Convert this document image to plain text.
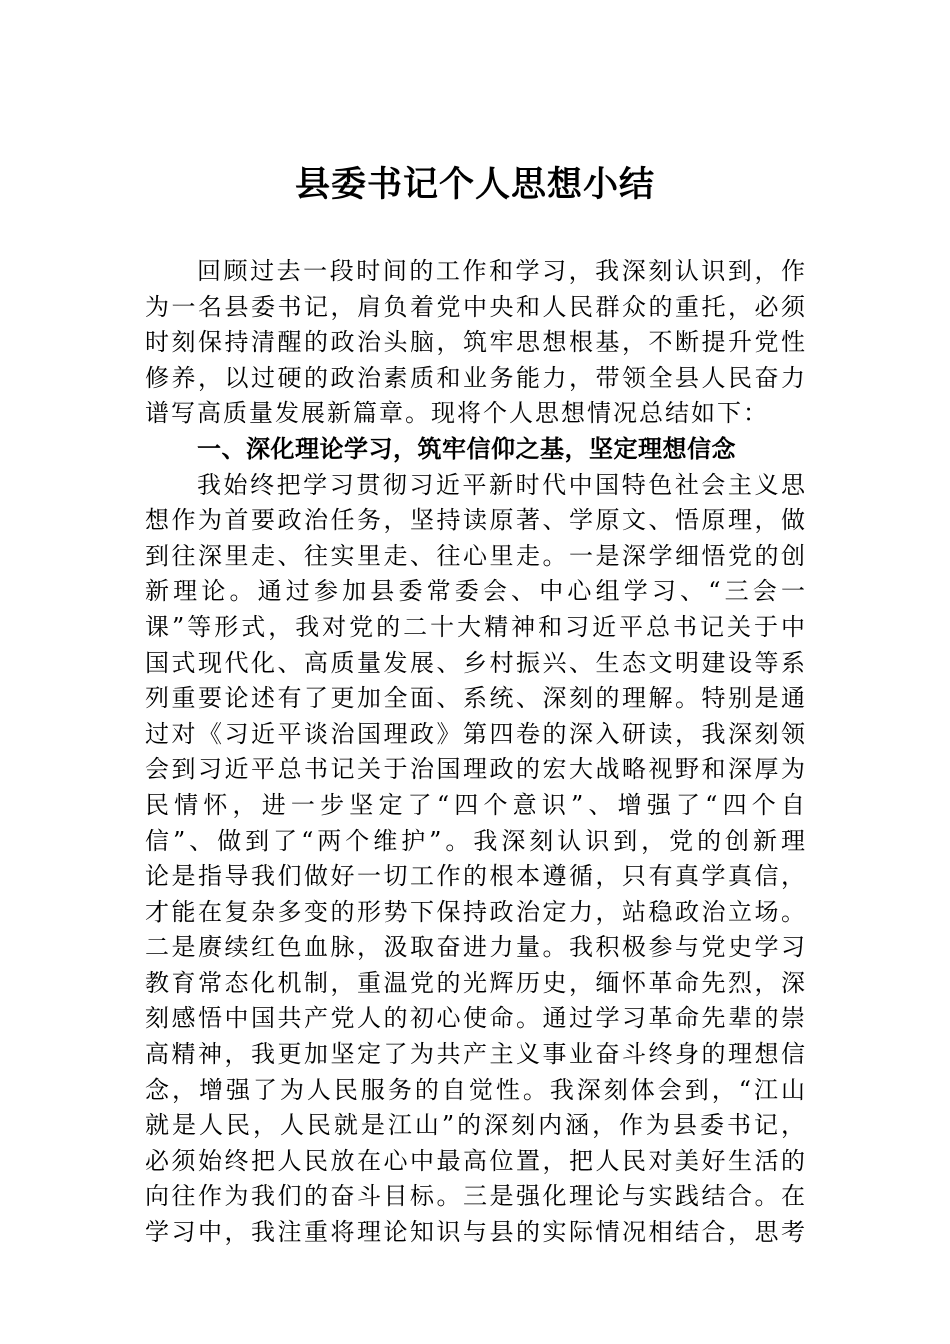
县委书记个人思想小结
回顾过去一段时间的工作和学习，我深刻认识到，作
为一名县委书记，肩负着党中央和人民群众的重托，必须
时刻保持清醒的政治头脑，筑牢思想根基，不断提升党性
修养，以过硬的政治素质和业务能力，带领全县人民奋力
谱写高质量发展新篇章。现将个人思想情况总结如下：
一、深化理论学习，筑牢信仰之基，坚定理想信念
我始终把学习贯彻习近平新时代中国特色社会主义思
想作为首要政治任务，坚持读原著、学原文、悟原理，做
到往深里走、往实里走、往心里走。一是深学细悟党的创
新理论。通过参加县委常委会、中心组学习、“三会一
课”等形式，我对党的二十大精神和习近平总书记关于中
国式现代化、高质量发展、乡村振兴、生态文明建设等系
列重要论述有了更加全面、系统、深刻的理解。特别是通
过对《习近平谈治国理政》第四卷的深入研读，我深刻领
会到习近平总书记关于治国理政的宏大战略视野和深厚为
民情怀，进一步坚定了“四个意识”、增强了“四个自
信”、做到了“两个维护”。我深刻认识到，党的创新理
论是指导我们做好一切工作的根本遵循，只有真学真信，
才能在复杂多变的形势下保持政治定力，站稳政治立场。
二是赓续红色血脉，汲取奋进力量。我积极参与党史学习
教育常态化机制，重温党的光辉历史，缅怀革命先烈，深
刻感悟中国共产党人的初心使命。通过学习革命先辈的崇
高精神，我更加坚定了为共产主义事业奋斗终身的理想信
念，增强了为人民服务的自觉性。我深刻体会到，“江山
就是人民，人民就是江山”的深刻内涵，作为县委书记，
必须始终把人民放在心中最高位置，把人民对美好生活的
向往作为我们的奋斗目标。三是强化理论与实践结合。在
学习中，我注重将理论知识与县的实际情况相结合，思考
